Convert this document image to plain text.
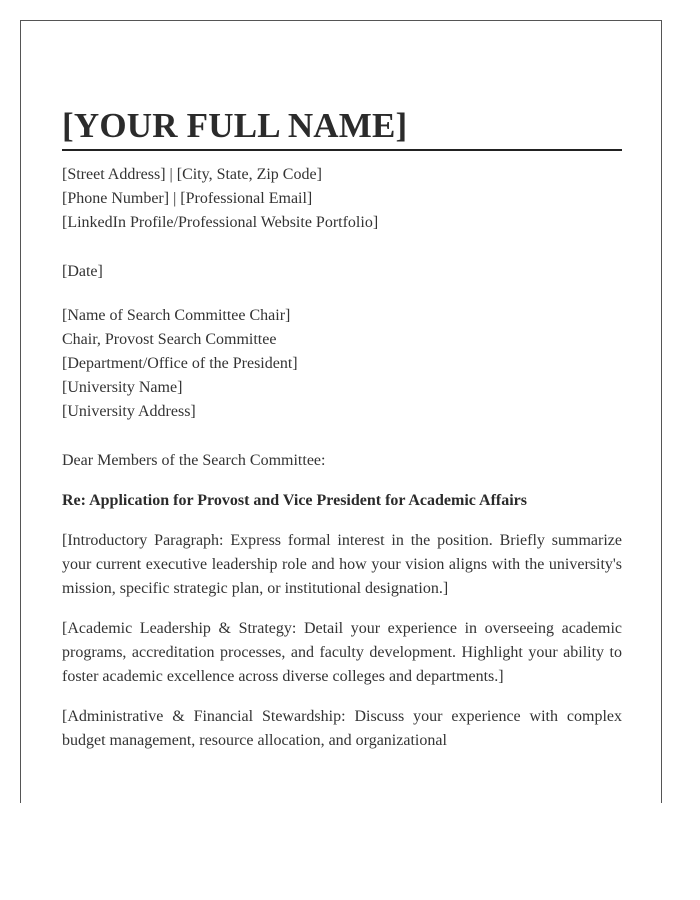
[YOUR FULL NAME]
[Street Address] | [City, State, Zip Code]
[Phone Number] | [Professional Email]
[LinkedIn Profile/Professional Website Portfolio]
[Date]
[Name of Search Committee Chair]
Chair, Provost Search Committee
[Department/Office of the President]
[University Name]
[University Address]
Dear Members of the Search Committee:
Re: Application for Provost and Vice President for Academic Affairs

[Introductory Paragraph: Express formal interest in the position. Briefly summarize your current executive leadership role and how your vision aligns with the university's mission, specific strategic plan, or institutional designation.]

[Academic Leadership & Strategy: Detail your experience in overseeing academic programs, accreditation processes, and faculty development. Highlight your ability to foster academic excellence across diverse colleges and departments.]

[Administrative & Financial Stewardship: Discuss your experience with complex budget management, resource allocation, and organizational
